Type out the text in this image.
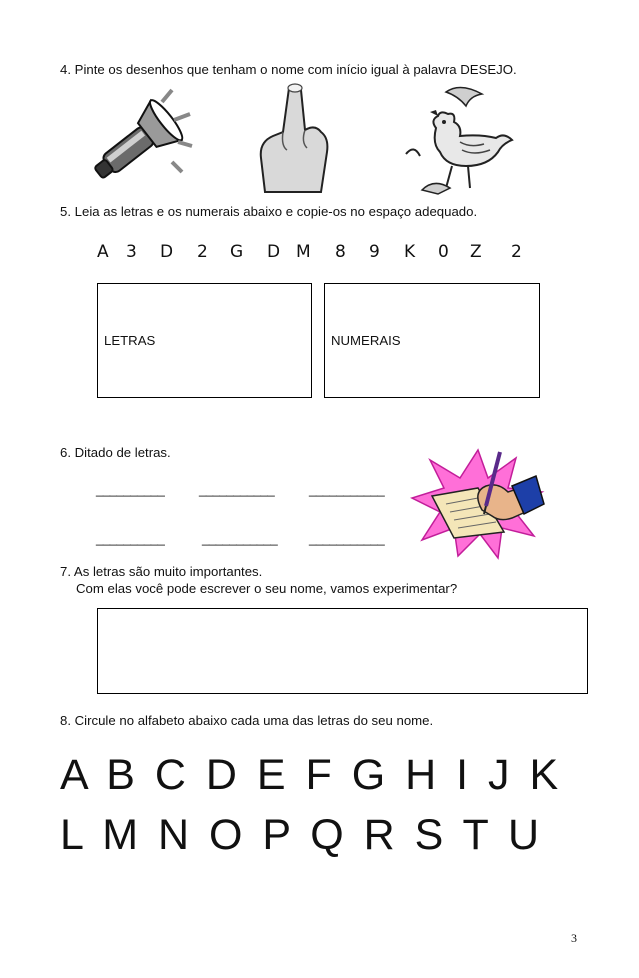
4. Pinte os desenhos que tenham o nome com início igual à palavra DESEJO.
5. Leia as letras e os numerais abaixo e copie-os no espaço adequado.
A 3 D 2 G D M 8 9 K 0 Z 2
LETRAS	NUMERAIS
6. Ditado de letras.
__________	___________	___________
__________	___________ ___________
7. As letras são muito importantes.
Com elas você pode escrever o seu nome, vamos experimentar?
8. Circule no alfabeto abaixo cada uma das letras do seu nome.
A B C D E F G H I J K
L M N O P Q R S T U
3
